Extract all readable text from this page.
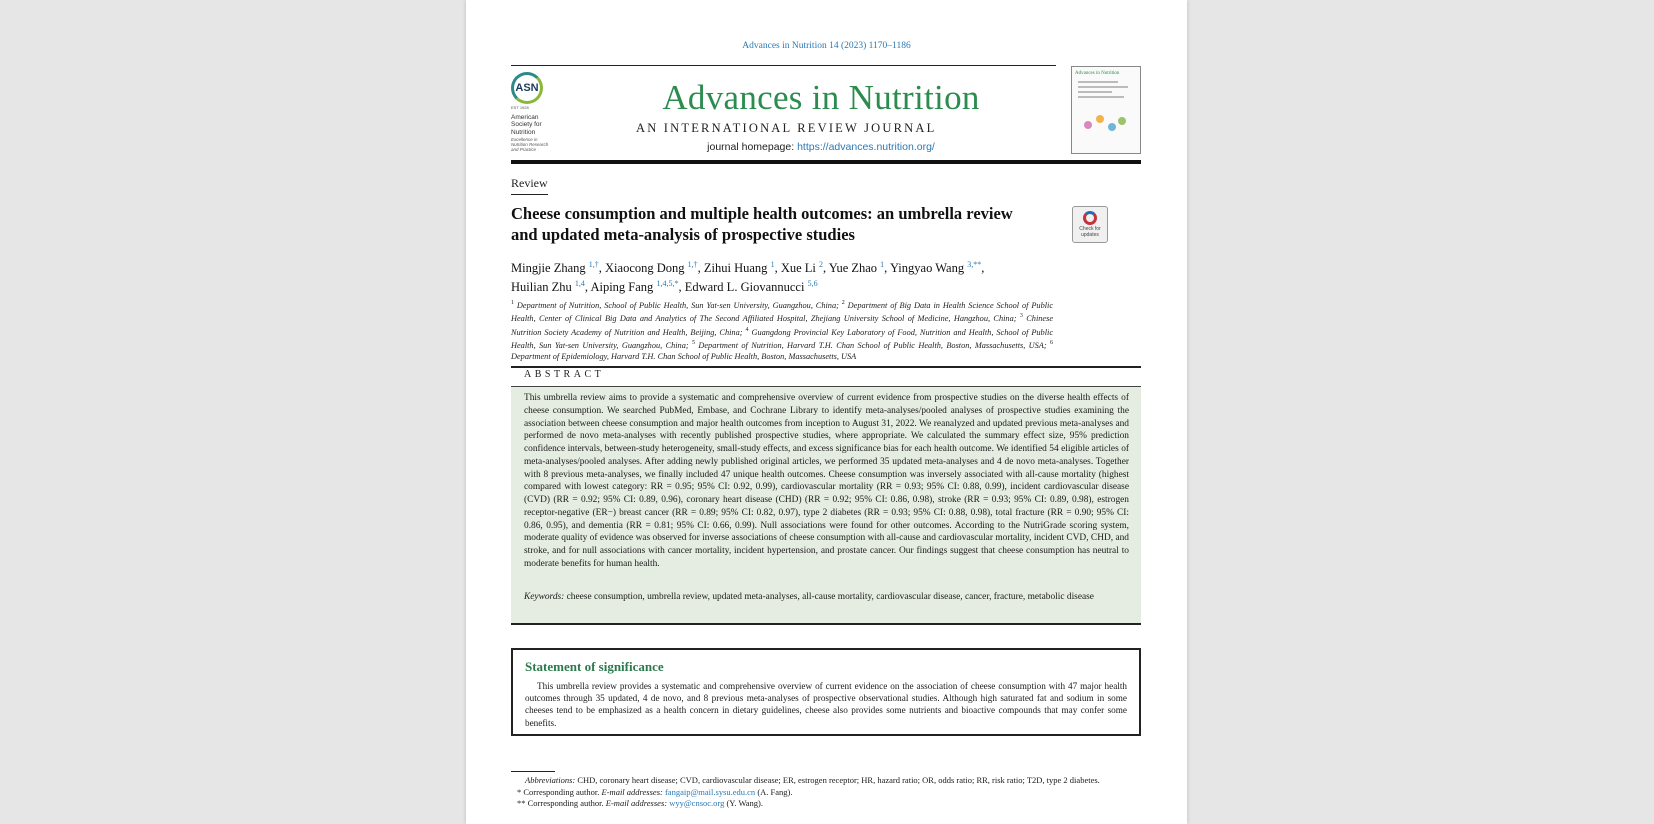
Advances in Nutrition 14 (2023) 1170–1186
ASN
EST 1928
American
Society for
Nutrition
Excellence in Nutrition Research and Practice
Advances in Nutrition
AN INTERNATIONAL REVIEW JOURNAL
journal homepage: https://advances.nutrition.org/
Advances in Nutrition
Review
Cheese consumption and multiple health outcomes: an umbrella review and updated meta-analysis of prospective studies	Check for updates
Mingjie Zhang $^{1,\dagger}$, Xiaocong Dong $^{1,\dagger}$, Zihui Huang $^1$, Xue Li $^2$, Yue Zhao $^1$, Yingyao Wang $^{3,**}$,
Huilian Zhu $^{1,4}$, Aiping Fang $^{1,4,5,*}$, Edward L. Giovannucci $^{5,6}$
$^1$ Department of Nutrition, School of Public Health, Sun Yat-sen University, Guangzhou, China; $^2$ Department of Big Data in Health Science School of Public Health, Center of Clinical Big Data and Analytics of The Second Affiliated Hospital, Zhejiang University School of Medicine, Hangzhou, China; $^3$ Chinese Nutrition Society Academy of Nutrition and Health, Beijing, China; $^4$ Guangdong Provincial Key Laboratory of Food, Nutrition and Health, School of Public Health, Sun Yat-sen University, Guangzhou, China; $^5$ Department of Nutrition, Harvard T.H. Chan School of Public Health, Boston, Massachusetts, USA; $^6$ Department of Epidemiology, Harvard T.H. Chan School of Public Health, Boston, Massachusetts, USA
ABSTRACT
This umbrella review aims to provide a systematic and comprehensive overview of current evidence from prospective studies on the diverse health effects of cheese consumption. We searched PubMed, Embase, and Cochrane Library to identify meta-analyses/pooled analyses of prospective studies examining the association between cheese consumption and major health outcomes from inception to August 31, 2022. We reanalyzed and updated previous meta-analyses and performed de novo meta-analyses with recently published prospective studies, where appropriate. We calculated the summary effect size, 95% prediction confidence intervals, between-study heterogeneity, small-study effects, and excess significance bias for each health outcome. We identified 54 eligible articles of meta-analyses/pooled analyses. After adding newly published original articles, we performed 35 updated meta-analyses and 4 de novo meta-analyses. Together with 8 previous meta-analyses, we finally included 47 unique health outcomes. Cheese consumption was inversely associated with all-cause mortality (highest compared with lowest category: RR = 0.95; 95% CI: 0.92, 0.99), cardiovascular mortality (RR = 0.93; 95% CI: 0.88, 0.99), incident cardiovascular disease (CVD) (RR = 0.92; 95% CI: 0.89, 0.96), coronary heart disease (CHD) (RR = 0.92; 95% CI: 0.86, 0.98), stroke (RR = 0.93; 95% CI: 0.89, 0.98), estrogen receptor-negative (ER−) breast cancer (RR = 0.89; 95% CI: 0.82, 0.97), type 2 diabetes (RR = 0.93; 95% CI: 0.88, 0.98), total fracture (RR = 0.90; 95% CI: 0.86, 0.95), and dementia (RR = 0.81; 95% CI: 0.66, 0.99). Null associations were found for other outcomes. According to the NutriGrade scoring system, moderate quality of evidence was observed for inverse associations of cheese consumption with all-cause and cardiovascular mortality, incident CVD, CHD, and stroke, and for null associations with cancer mortality, incident hypertension, and prostate cancer. Our findings suggest that cheese consumption has neutral to moderate benefits for human health.
Keywords: cheese consumption, umbrella review, updated meta-analyses, all-cause mortality, cardiovascular disease, cancer, fracture, metabolic disease
Statement of significance
This umbrella review provides a systematic and comprehensive overview of current evidence on the association of cheese consumption with 47 major health outcomes through 35 updated, 4 de novo, and 8 previous meta-analyses of prospective observational studies. Although high saturated fat and sodium in some cheeses tend to be emphasized as a health concern in dietary guidelines, cheese also provides some nutrients and bioactive compounds that may confer some benefits.
Abbreviations: CHD, coronary heart disease; CVD, cardiovascular disease; ER, estrogen receptor; HR, hazard ratio; OR, odds ratio; RR, risk ratio; T2D, type 2 diabetes.
* Corresponding author. E-mail addresses: fangaip@mail.sysu.edu.cn (A. Fang).
** Corresponding author. E-mail addresses: wyy@cnsoc.org (Y. Wang).
